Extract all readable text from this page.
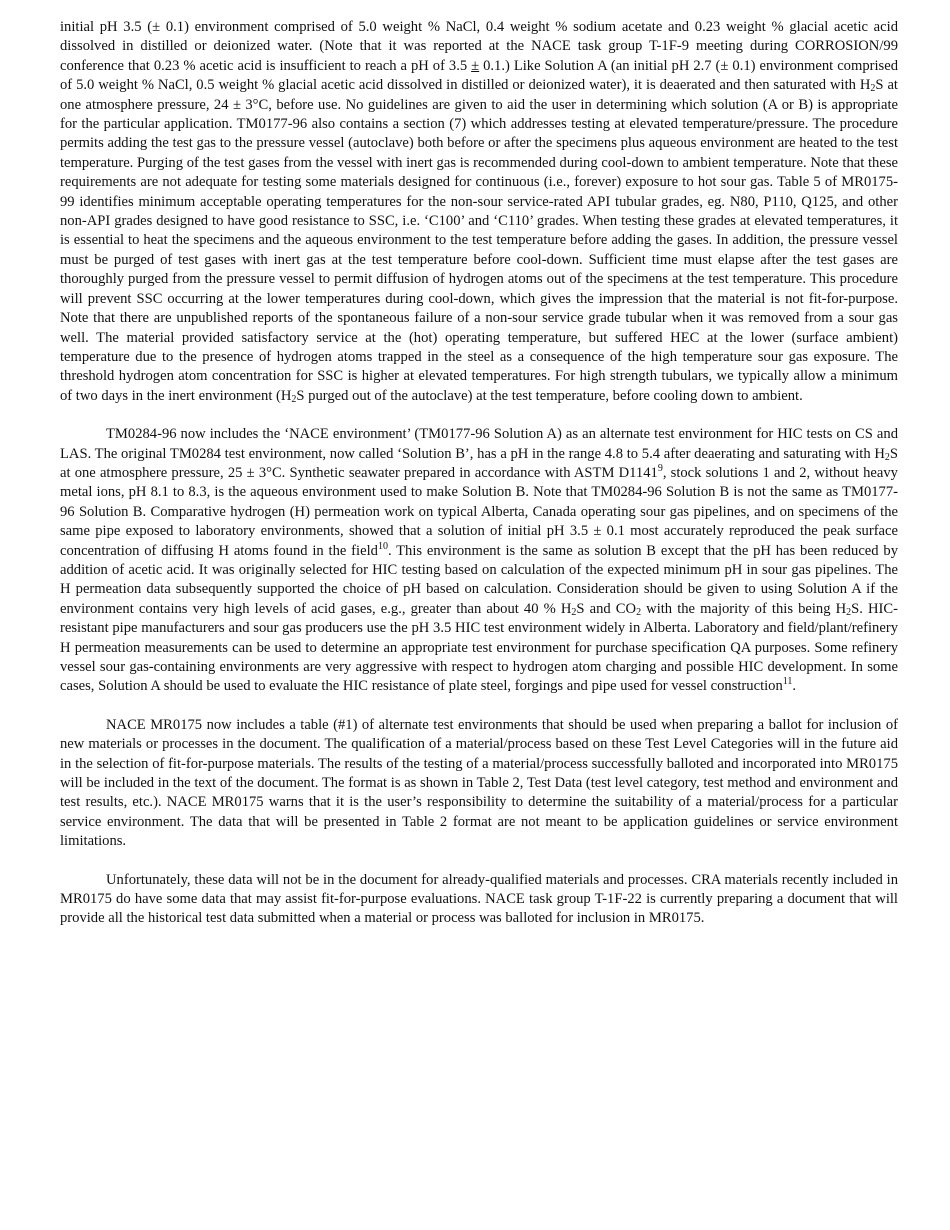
initial pH 3.5 (± 0.1) environment comprised of 5.0 weight % NaCl, 0.4 weight % sodium acetate and 0.23 weight % glacial acetic acid dissolved in distilled or deionized water. (Note that it was reported at the NACE task group T-1F-9 meeting during CORROSION/99 conference that 0.23 % acetic acid is insufficient to reach a pH of 3.5 ± 0.1.) Like Solution A (an initial pH 2.7 (± 0.1) environment comprised of 5.0 weight % NaCl, 0.5 weight % glacial acetic acid dissolved in distilled or deionized water), it is deaerated and then saturated with $H_2S$ at one atmosphere pressure, 24 ± 3°C, before use. No guidelines are given to aid the user in determining which solution (A or B) is appropriate for the particular application. TM0177-96 also contains a section (7) which addresses testing at elevated temperature/pressure. The procedure permits adding the test gas to the pressure vessel (autoclave) both before or after the specimens plus aqueous environment are heated to the test temperature. Purging of the test gases from the vessel with inert gas is recommended during cool-down to ambient temperature. Note that these requirements are not adequate for testing some materials designed for continuous (i.e., forever) exposure to hot sour gas. Table 5 of MR0175-99 identifies minimum acceptable operating temperatures for the non-sour service-rated API tubular grades, eg. N80, P110, Q125, and other non-API grades designed to have good resistance to SSC, i.e. ‘C100’ and ‘C110’ grades. When testing these grades at elevated temperatures, it is essential to heat the specimens and the aqueous environment to the test temperature before adding the gases. In addition, the pressure vessel must be purged of test gases with inert gas at the test temperature before cool-down. Sufficient time must elapse after the test gases are thoroughly purged from the pressure vessel to permit diffusion of hydrogen atoms out of the specimens at the test temperature. This procedure will prevent SSC occurring at the lower temperatures during cool-down, which gives the impression that the material is not fit-for-purpose. Note that there are unpublished reports of the spontaneous failure of a non-sour service grade tubular when it was removed from a sour gas well. The material provided satisfactory service at the (hot) operating temperature, but suffered HEC at the lower (surface ambient) temperature due to the presence of hydrogen atoms trapped in the steel as a consequence of the high temperature sour gas exposure. The threshold hydrogen atom concentration for SSC is higher at elevated temperatures. For high strength tubulars, we typically allow a minimum of two days in the inert environment ($H_2S$ purged out of the autoclave) at the test temperature, before cooling down to ambient.

TM0284-96 now includes the ‘NACE environment’ (TM0177-96 Solution A) as an alternate test environment for HIC tests on CS and LAS. The original TM0284 test environment, now called ‘Solution B’, has a pH in the range 4.8 to 5.4 after deaerating and saturating with $H_2S$ at one atmosphere pressure, 25 ± 3°C. Synthetic seawater prepared in accordance with ASTM D1141$^9$, stock solutions 1 and 2, without heavy metal ions, pH 8.1 to 8.3, is the aqueous environment used to make Solution B. Note that TM0284-96 Solution B is not the same as TM0177-96 Solution B. Comparative hydrogen (H) permeation work on typical Alberta, Canada operating sour gas pipelines, and on specimens of the same pipe exposed to laboratory environments, showed that a solution of initial pH 3.5 ± 0.1 most accurately reproduced the peak surface concentration of diffusing H atoms found in the field$^{10}$. This environment is the same as solution B except that the pH has been reduced by addition of acetic acid. It was originally selected for HIC testing based on calculation of the expected minimum pH in sour gas pipelines. The H permeation data subsequently supported the choice of pH based on calculation. Consideration should be given to using Solution A if the environment contains very high levels of acid gases, e.g., greater than about 40 % $H_2S$ and $CO_2$ with the majority of this being $H_2S$. HIC-resistant pipe manufacturers and sour gas producers use the pH 3.5 HIC test environment widely in Alberta. Laboratory and field/plant/refinery H permeation measurements can be used to determine an appropriate test environment for purchase specification QA purposes. Some refinery vessel sour gas-containing environments are very aggressive with respect to hydrogen atom charging and possible HIC development. In some cases, Solution A should be used to evaluate the HIC resistance of plate steel, forgings and pipe used for vessel construction$^{11}$.

NACE MR0175 now includes a table (#1) of alternate test environments that should be used when preparing a ballot for inclusion of new materials or processes in the document. The qualification of a material/process based on these Test Level Categories will in the future aid in the selection of fit-for-purpose materials. The results of the testing of a material/process successfully balloted and incorporated into MR0175 will be included in the text of the document. The format is as shown in Table 2, Test Data (test level category, test method and environment and test results, etc.). NACE MR0175 warns that it is the user’s responsibility to determine the suitability of a material/process for a particular service environment. The data that will be presented in Table 2 format are not meant to be application guidelines or service environment limitations.

Unfortunately, these data will not be in the document for already-qualified materials and processes. CRA materials recently included in MR0175 do have some data that may assist fit-for-purpose evaluations. NACE task group T-1F-22 is currently preparing a document that will provide all the historical test data submitted when a material or process was balloted for inclusion in MR0175.
